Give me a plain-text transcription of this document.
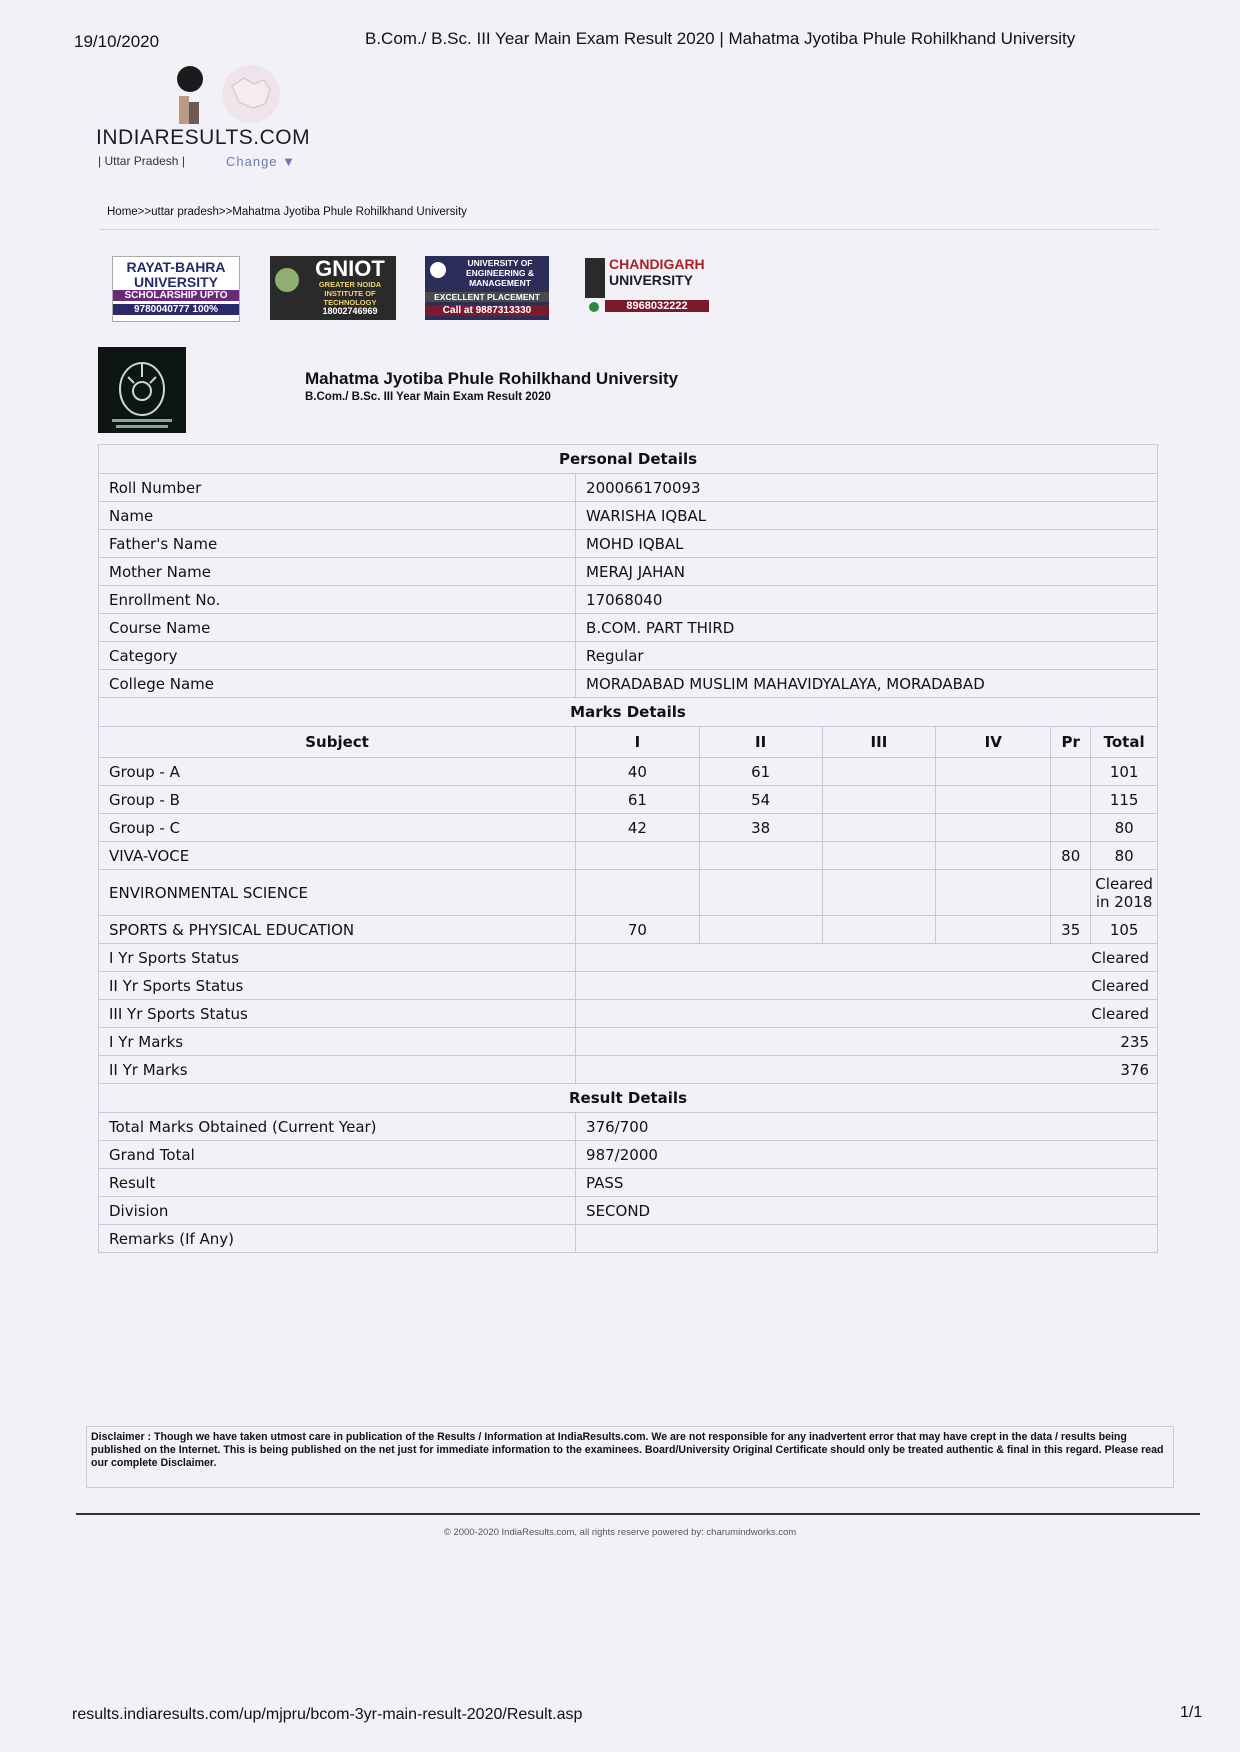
19/10/2020	B.Com./ B.Sc. III Year Main Exam Result 2020 | Mahatma Jyotiba Phule Rohilkhand University
INDIARESULTS.COM
| Uttar Pradesh |	Change ▼
Home>>uttar pradesh>>Mahatma Jyotiba Phule Rohilkhand University
RAYAT-BAHRA
UNIVERSITY
SCHOLARSHIP UPTO
9780040777 100%
GNIOT
GREATER NOIDA INSTITUTE OF TECHNOLOGY
18002746969
UNIVERSITY OF ENGINEERING & MANAGEMENT
EXCELLENT PLACEMENT
Call at 9887313330
CHANDIGARH
UNIVERSITY
8968032222
Mahatma Jyotiba Phule Rohilkhand University
B.Com./ B.Sc. III Year Main Exam Result 2020
Personal Details						
Roll Number	200066170093					
Name	WARISHA IQBAL					
Father's Name	MOHD IQBAL					
Mother Name	MERAJ JAHAN					
Enrollment No.	17068040					
Course Name	B.COM. PART THIRD					
Category	Regular					
College Name	MORADABAD MUSLIM MAHAVIDYALAYA, MORADABAD					
Marks Details						
Subject	I	II	III	IV	Pr	Total
Group - A	40	61				101
Group - B	61	54				115
Group - C	42	38				80
VIVA-VOCE					80	80
ENVIRONMENTAL SCIENCE						Cleared
in 2018

SPORTS & PHYSICAL EDUCATION	70				35	105
I Yr Sports Status	Cleared					
II Yr Sports Status	Cleared					
III Yr Sports Status	Cleared					
I Yr Marks	235					
II Yr Marks	376					
Result Details						
Total Marks Obtained (Current Year)	376/700					
Grand Total	987/2000					
Result	PASS					
Division	SECOND					
Remarks (If Any)						
Disclaimer : Though we have taken utmost care in publication of the Results / Information at IndiaResults.com. We are not responsible for any inadvertent error that may have crept in the data / results being published on the Internet. This is being published on the net just for immediate information to the examinees. Board/University Original Certificate should only be treated authentic & final in this regard. Please read our complete Disclaimer.
© 2000-2020 IndiaResults.com, all rights reserve powered by: charumindworks.com
results.indiaresults.com/up/mjpru/bcom-3yr-main-result-2020/Result.asp	1/1
